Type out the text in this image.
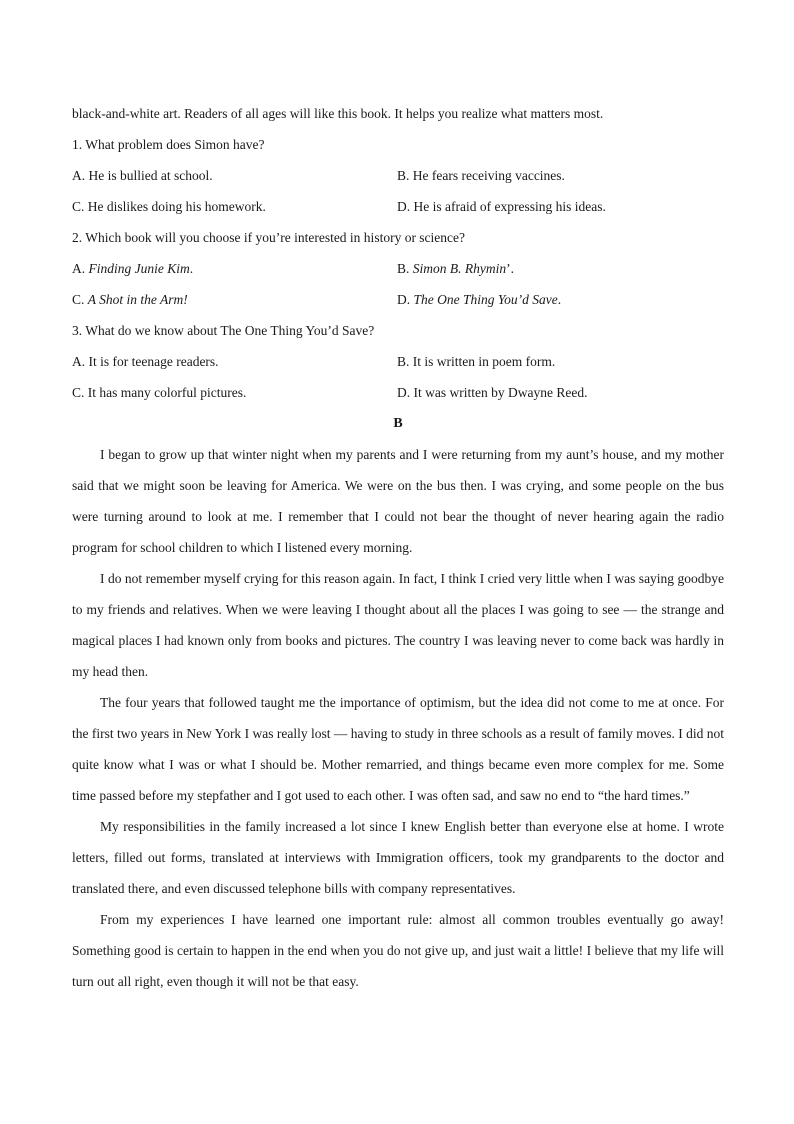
black-and-white art. Readers of all ages will like this book. It helps you realize what matters most.
1. What problem does Simon have?
A. He is bullied at school.	B. He fears receiving vaccines.
C. He dislikes doing his homework.	D. He is afraid of expressing his ideas.
2. Which book will you choose if you’re interested in history or science?
A. Finding Junie Kim.	B. Simon B. Rhymin’.
C. A Shot in the Arm!	D. The One Thing You’d Save.
3. What do we know about The One Thing You’d Save?
A. It is for teenage readers.	B. It is written in poem form.
C. It has many colorful pictures.	D. It was written by Dwayne Reed.
B

I began to grow up that winter night when my parents and I were returning from my aunt’s house, and my mother said that we might soon be leaving for America. We were on the bus then. I was crying, and some people on the bus were turning around to look at me. I remember that I could not bear the thought of never hearing again the radio program for school children to which I listened every morning.

I do not remember myself crying for this reason again. In fact, I think I cried very little when I was saying goodbye to my friends and relatives. When we were leaving I thought about all the places I was going to see — the strange and magical places I had known only from books and pictures. The country I was leaving never to come back was hardly in my head then.

The four years that followed taught me the importance of optimism, but the idea did not come to me at once. For the first two years in New York I was really lost — having to study in three schools as a result of family moves. I did not quite know what I was or what I should be. Mother remarried, and things became even more complex for me. Some time passed before my stepfather and I got used to each other. I was often sad, and saw no end to “the hard times.”

My responsibilities in the family increased a lot since I knew English better than everyone else at home. I wrote letters, filled out forms, translated at interviews with Immigration officers, took my grandparents to the doctor and translated there, and even discussed telephone bills with company representatives.

From my experiences I have learned one important rule: almost all common troubles eventually go away! Something good is certain to happen in the end when you do not give up, and just wait a little! I believe that my life will turn out all right, even though it will not be that easy.
